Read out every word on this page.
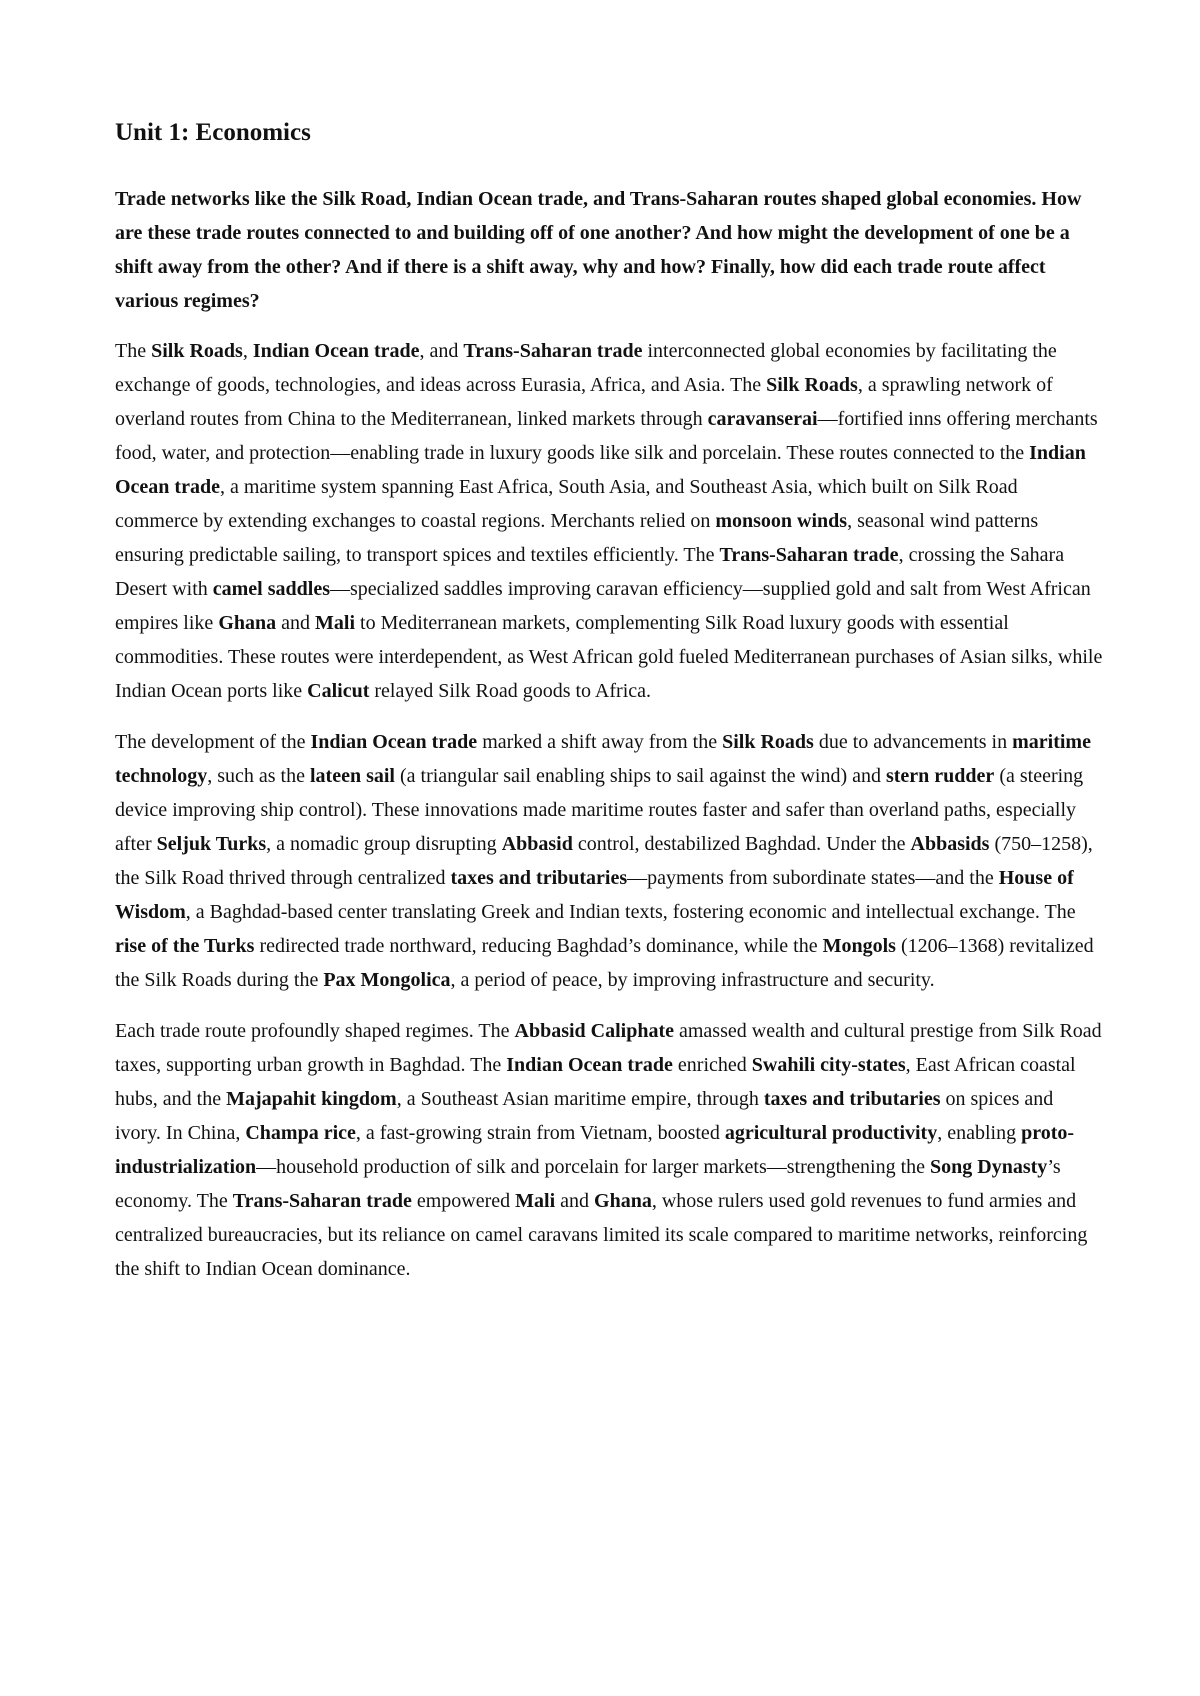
Unit 1: Economics

Trade networks like the Silk Road, Indian Ocean trade, and Trans-Saharan routes shaped global economies. How are these trade routes connected to and building off of one another? And how might the development of one be a shift away from the other? And if there is a shift away, why and how? Finally, how did each trade route affect various regimes?

The Silk Roads, Indian Ocean trade, and Trans-Saharan trade interconnected global economies by facilitating the exchange of goods, technologies, and ideas across Eurasia, Africa, and Asia. The Silk Roads, a sprawling network of overland routes from China to the Mediterranean, linked markets through caravanserai—fortified inns offering merchants food, water, and protection—enabling trade in luxury goods like silk and porcelain. These routes connected to the Indian Ocean trade, a maritime system spanning East Africa, South Asia, and Southeast Asia, which built on Silk Road commerce by extending exchanges to coastal regions. Merchants relied on monsoon winds, seasonal wind patterns ensuring predictable sailing, to transport spices and textiles efficiently. The Trans-Saharan trade, crossing the Sahara Desert with camel saddles—specialized saddles improving caravan efficiency—supplied gold and salt from West African empires like Ghana and Mali to Mediterranean markets, complementing Silk Road luxury goods with essential commodities. These routes were interdependent, as West African gold fueled Mediterranean purchases of Asian silks, while Indian Ocean ports like Calicut relayed Silk Road goods to Africa.

The development of the Indian Ocean trade marked a shift away from the Silk Roads due to advancements in maritime technology, such as the lateen sail (a triangular sail enabling ships to sail against the wind) and stern rudder (a steering device improving ship control). These innovations made maritime routes faster and safer than overland paths, especially after Seljuk Turks, a nomadic group disrupting Abbasid control, destabilized Baghdad. Under the Abbasids (750–1258), the Silk Road thrived through centralized taxes and tributaries—payments from subordinate states—and the House of Wisdom, a Baghdad-based center translating Greek and Indian texts, fostering economic and intellectual exchange. The rise of the Turks redirected trade northward, reducing Baghdad’s dominance, while the Mongols (1206–1368) revitalized the Silk Roads during the Pax Mongolica, a period of peace, by improving infrastructure and security.

Each trade route profoundly shaped regimes. The Abbasid Caliphate amassed wealth and cultural prestige from Silk Road taxes, supporting urban growth in Baghdad. The Indian Ocean trade enriched Swahili city-states, East African coastal hubs, and the Majapahit kingdom, a Southeast Asian maritime empire, through taxes and tributaries on spices and ivory. In China, Champa rice, a fast-growing strain from Vietnam, boosted agricultural productivity, enabling proto-industrialization—household production of silk and porcelain for larger markets—strengthening the Song Dynasty’s economy. The Trans-Saharan trade empowered Mali and Ghana, whose rulers used gold revenues to fund armies and centralized bureaucracies, but its reliance on camel caravans limited its scale compared to maritime networks, reinforcing the shift to Indian Ocean dominance.
